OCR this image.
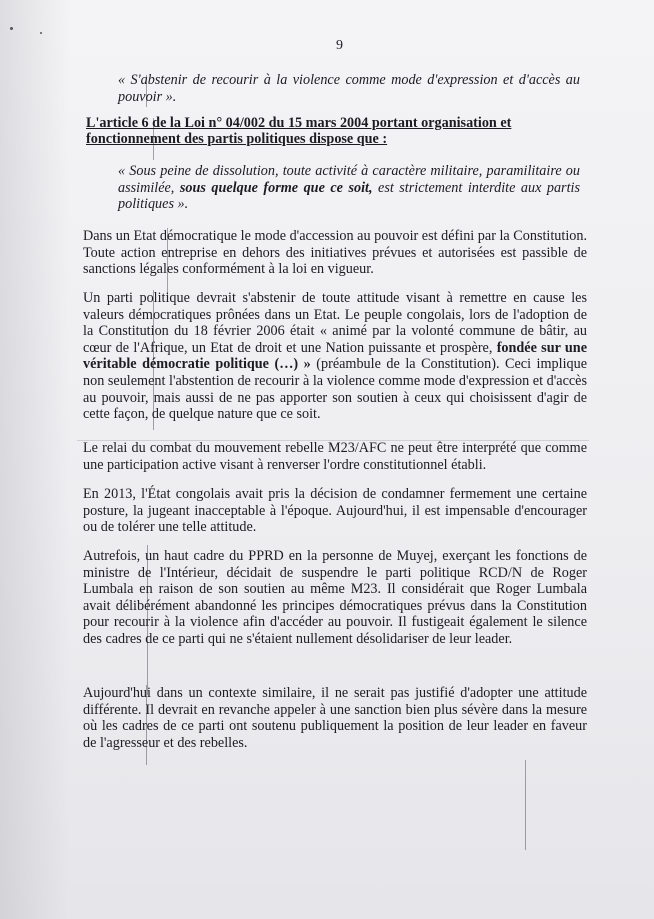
9
« S'abstenir de recourir à la violence comme mode d'expression et d'accès au pouvoir ».
L'article 6 de la Loi n° 04/002 du 15 mars 2004 portant organisation et fonctionnement des partis politiques dispose que :
« Sous peine de dissolution, toute activité à caractère militaire, paramilitaire ou assimilée, sous quelque forme que ce soit, est strictement interdite aux partis politiques ».
Dans un Etat démocratique le mode d'accession au pouvoir est défini par la Constitution. Toute action entreprise en dehors des initiatives prévues et autorisées est passible de sanctions légales conformément à la loi en vigueur.
Un parti politique devrait s'abstenir de toute attitude visant à remettre en cause les valeurs démocratiques prônées dans un Etat. Le peuple congolais, lors de l'adoption de la Constitution du 18 février 2006 était « animé par la volonté commune de bâtir, au cœur de l'Afrique, un Etat de droit et une Nation puissante et prospère, fondée sur une véritable démocratie politique (…) » (préambule de la Constitution). Ceci implique non seulement l'abstention de recourir à la violence comme mode d'expression et d'accès au pouvoir, mais aussi de ne pas apporter son soutien à ceux qui choisissent d'agir de cette façon, de quelque nature que ce soit.
Le relai du combat du mouvement rebelle M23/AFC ne peut être interprété que comme une participation active visant à renverser l'ordre constitutionnel établi.
En 2013, l'État congolais avait pris la décision de condamner fermement une certaine posture, la jugeant inacceptable à l'époque. Aujourd'hui, il est impensable d'encourager ou de tolérer une telle attitude.
Autrefois, un haut cadre du PPRD en la personne de Muyej, exerçant les fonctions de ministre de l'Intérieur, décidait de suspendre le parti politique RCD/N de Roger Lumbala en raison de son soutien au même M23. Il considérait que Roger Lumbala avait délibérément abandonné les principes démocratiques prévus dans la Constitution pour recourir à la violence afin d'accéder au pouvoir. Il fustigeait également le silence des cadres de ce parti qui ne s'étaient nullement désolidariser de leur leader.
Aujourd'hui dans un contexte similaire, il ne serait pas justifié d'adopter une attitude différente. Il devrait en revanche appeler à une sanction bien plus sévère dans la mesure où les cadres de ce parti ont soutenu publiquement la position de leur leader en faveur de l'agresseur et des rebelles.
